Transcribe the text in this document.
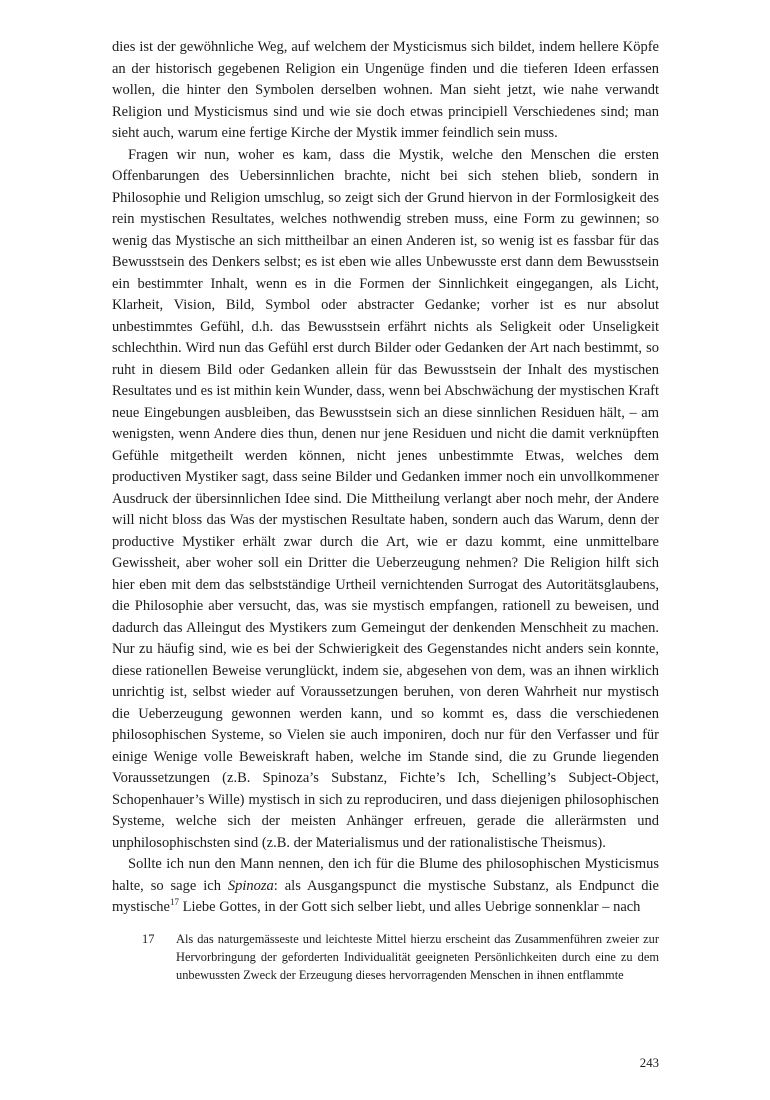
dies ist der gewöhnliche Weg, auf welchem der Mysticismus sich bildet, indem hellere Köpfe an der historisch gegebenen Religion ein Ungenüge finden und die tieferen Ideen erfassen wollen, die hinter den Symbolen derselben wohnen. Man sieht jetzt, wie nahe verwandt Religion und Mysticismus sind und wie sie doch etwas principiell Verschiedenes sind; man sieht auch, warum eine fertige Kirche der Mystik immer feindlich sein muss.

Fragen wir nun, woher es kam, dass die Mystik, welche den Menschen die ersten Offenbarungen des Uebersinnlichen brachte, nicht bei sich stehen blieb, sondern in Philosophie und Religion umschlug, so zeigt sich der Grund hiervon in der Formlosigkeit des rein mystischen Resultates, welches nothwendig streben muss, eine Form zu gewinnen; so wenig das Mystische an sich mittheilbar an einen Anderen ist, so wenig ist es fassbar für das Bewusstsein des Denkers selbst; es ist eben wie alles Unbewusste erst dann dem Bewusstsein ein bestimmter Inhalt, wenn es in die Formen der Sinnlichkeit eingegangen, als Licht, Klarheit, Vision, Bild, Symbol oder abstracter Gedanke; vorher ist es nur absolut unbestimmtes Gefühl, d.h. das Bewusstsein erfährt nichts als Seligkeit oder Unseligkeit schlechthin. Wird nun das Gefühl erst durch Bilder oder Gedanken der Art nach bestimmt, so ruht in diesem Bild oder Gedanken allein für das Bewusstsein der Inhalt des mystischen Resultates und es ist mithin kein Wunder, dass, wenn bei Abschwächung der mystischen Kraft neue Eingebungen ausbleiben, das Bewusstsein sich an diese sinnlichen Residuen hält, – am wenigsten, wenn Andere dies thun, denen nur jene Residuen und nicht die damit verknüpften Gefühle mitgetheilt werden können, nicht jenes unbestimmte Etwas, welches dem productiven Mystiker sagt, dass seine Bilder und Gedanken immer noch ein unvollkommener Ausdruck der übersinnlichen Idee sind. Die Mittheilung verlangt aber noch mehr, der Andere will nicht bloss das Was der mystischen Resultate haben, sondern auch das Warum, denn der productive Mystiker erhält zwar durch die Art, wie er dazu kommt, eine unmittelbare Gewissheit, aber woher soll ein Dritter die Ueberzeugung nehmen? Die Religion hilft sich hier eben mit dem das selbstständige Urtheil vernichtenden Surrogat des Autoritätsglaubens, die Philosophie aber versucht, das, was sie mystisch empfangen, rationell zu beweisen, und dadurch das Alleingut des Mystikers zum Gemeingut der denkenden Menschheit zu machen. Nur zu häufig sind, wie es bei der Schwierigkeit des Gegenstandes nicht anders sein konnte, diese rationellen Beweise verunglückt, indem sie, abgesehen von dem, was an ihnen wirklich unrichtig ist, selbst wieder auf Voraussetzungen beruhen, von deren Wahrheit nur mystisch die Ueberzeugung gewonnen werden kann, und so kommt es, dass die verschiedenen philosophischen Systeme, so Vielen sie auch imponiren, doch nur für den Verfasser und für einige Wenige volle Beweiskraft haben, welche im Stande sind, die zu Grunde liegenden Voraussetzungen (z.B. Spinoza’s Substanz, Fichte’s Ich, Schelling’s Subject-Object, Schopenhauer’s Wille) mystisch in sich zu reproduciren, und dass diejenigen philosophischen Systeme, welche sich der meisten Anhänger erfreuen, gerade die allerärmsten und unphilosophischsten sind (z.B. der Materialismus und der rationalistische Theismus).

Sollte ich nun den Mann nennen, den ich für die Blume des philosophischen Mysticismus halte, so sage ich Spinoza: als Ausgangspunct die mystische Substanz, als Endpunct die mystische$^{17}$ Liebe Gottes, in der Gott sich selber liebt, und alles Uebrige sonnenklar – nach

17	Als das naturgemässeste und leichteste Mittel hierzu erscheint das Zusammenführen zweier zur Hervorbringung der geforderten Individualität geeigneten Persönlichkeiten durch eine zu dem unbewussten Zweck der Erzeugung dieses hervorragenden Menschen in ihnen entflammte

243
